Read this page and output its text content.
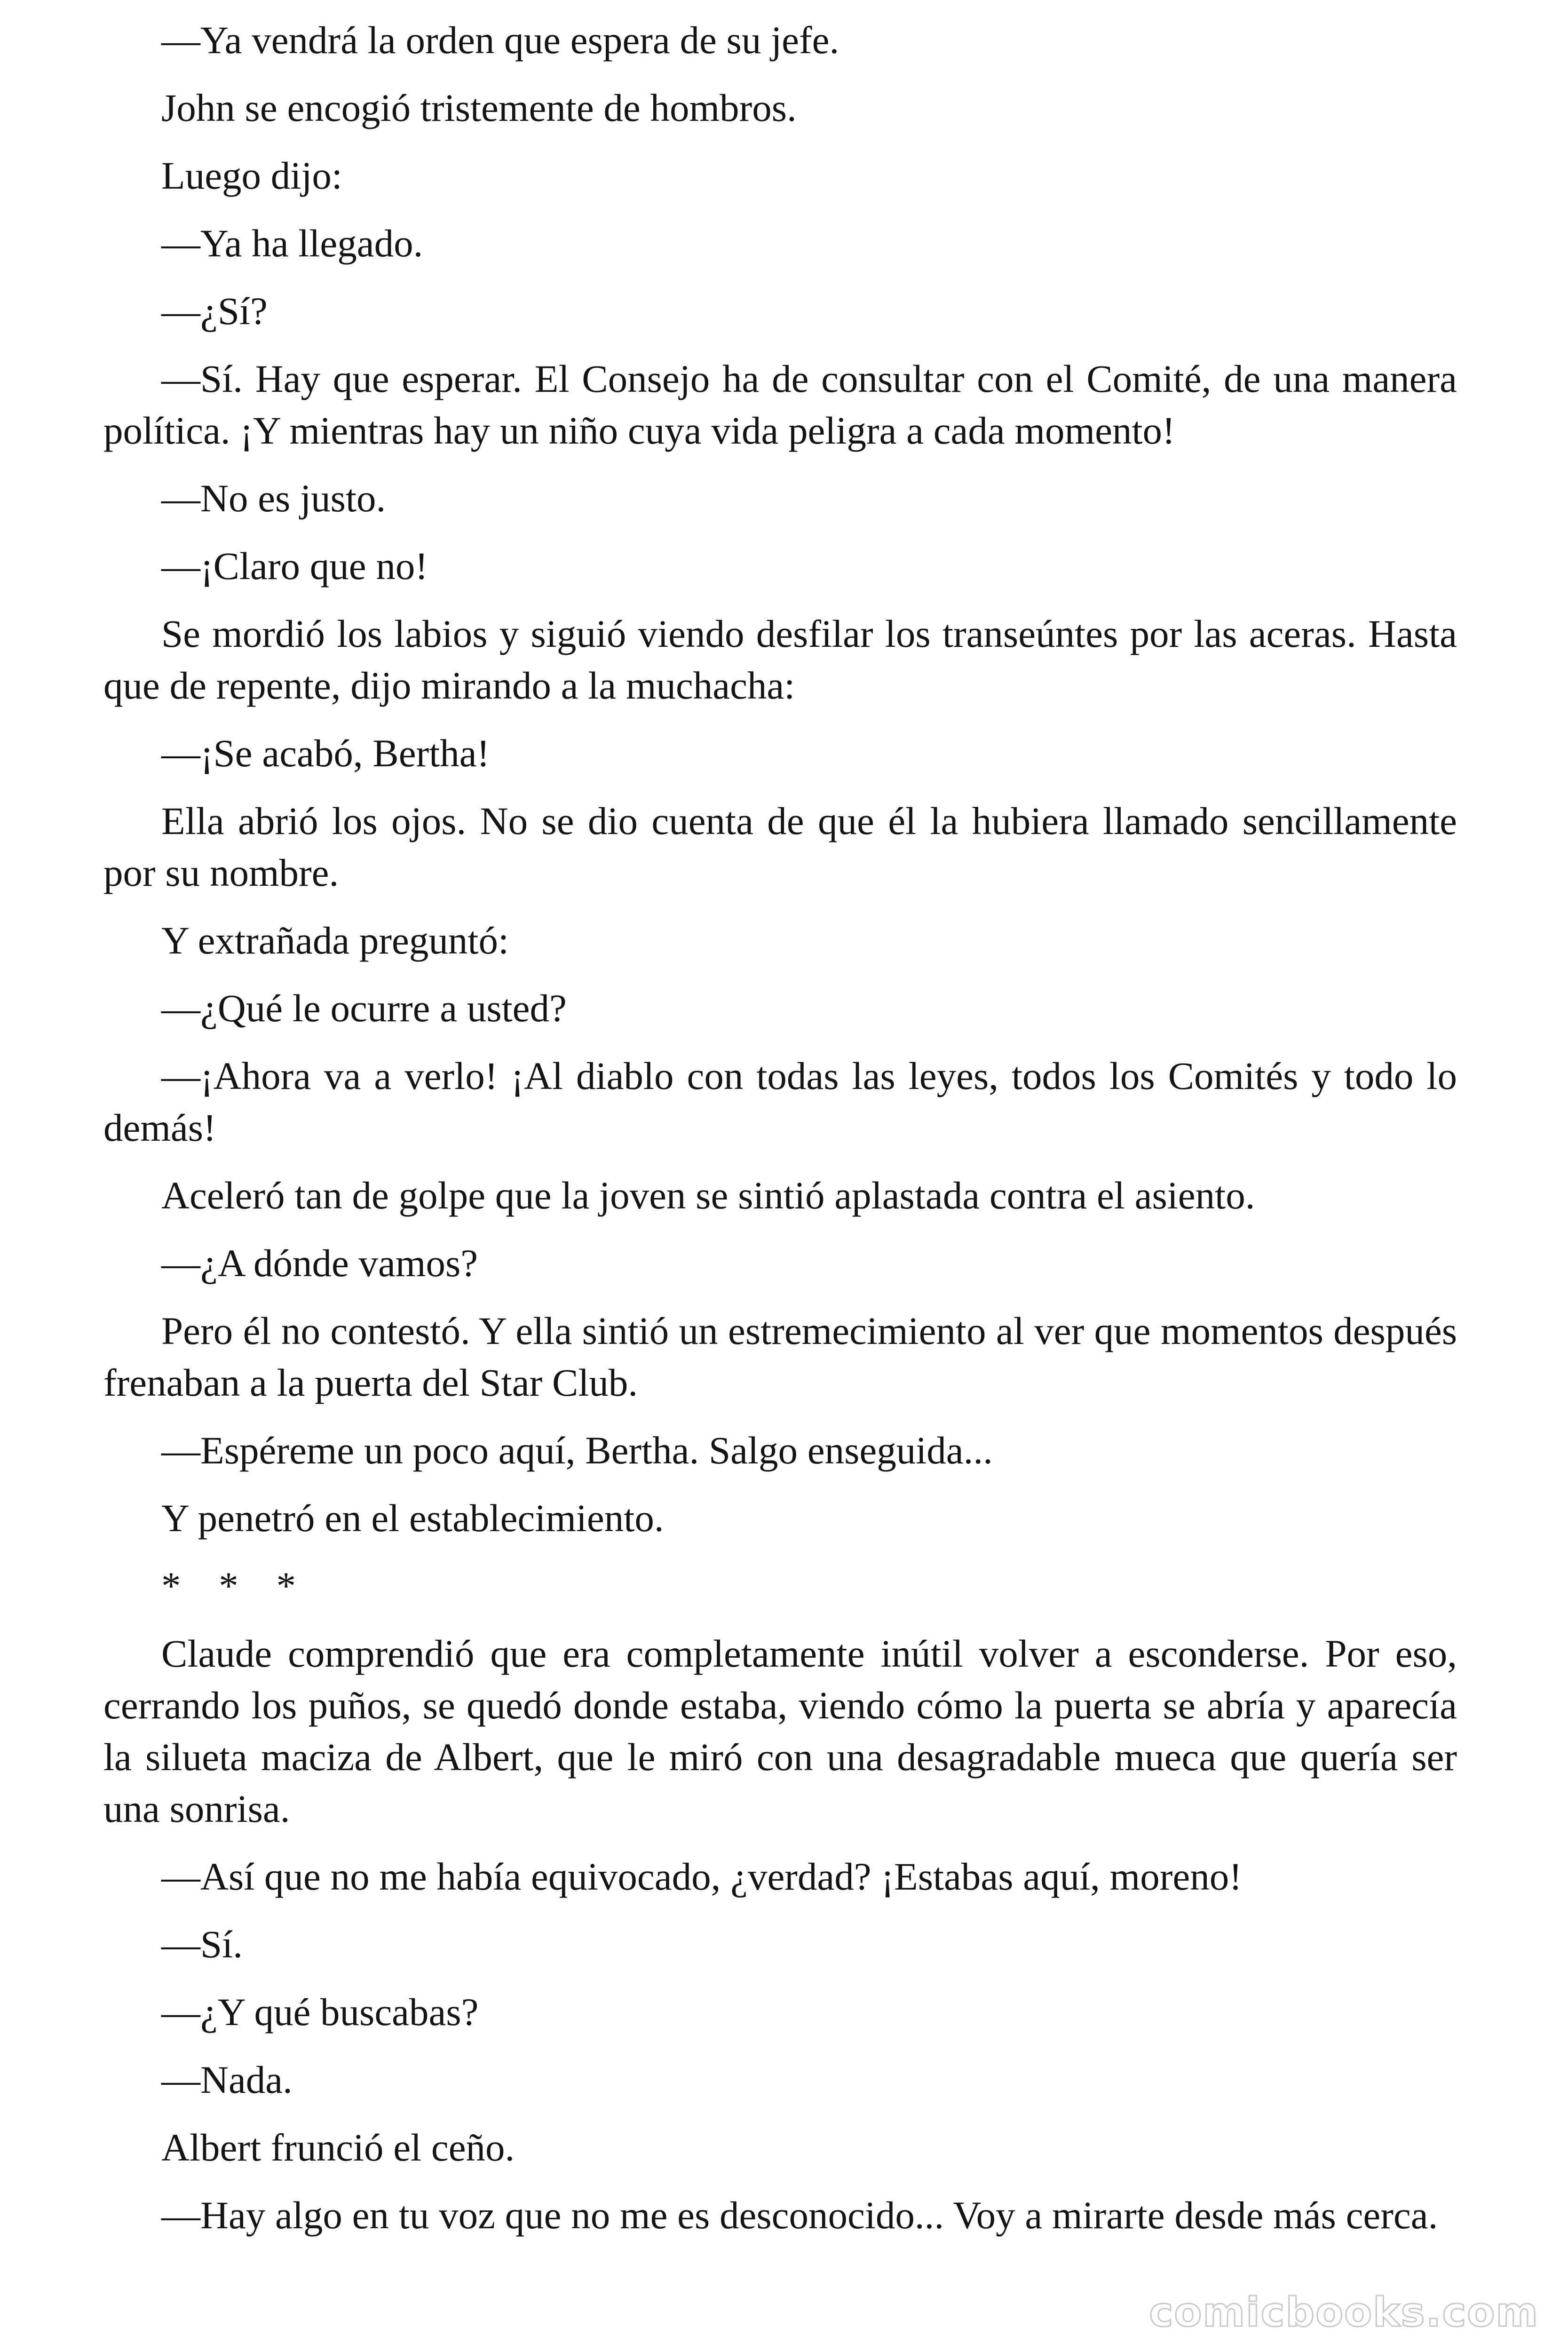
—Ya vendrá la orden que espera de su jefe.

John se encogió tristemente de hombros.

Luego dijo:

—Ya ha llegado.

—¿Sí?

—Sí. Hay que esperar. El Consejo ha de consultar con el Comité, de una manera política. ¡Y mientras hay un niño cuya vida peligra a cada momento!

—No es justo.

—¡Claro que no!

Se mordió los labios y siguió viendo desfilar los transeúntes por las aceras. Hasta que de repente, dijo mirando a la muchacha:

—¡Se acabó, Bertha!

Ella abrió los ojos. No se dio cuenta de que él la hubiera llamado sencillamente por su nombre.

Y extrañada preguntó:

—¿Qué le ocurre a usted?

—¡Ahora va a verlo! ¡Al diablo con todas las leyes, todos los Comités y todo lo demás!

Aceleró tan de golpe que la joven se sintió aplastada contra el asiento.

—¿A dónde vamos?

Pero él no contestó. Y ella sintió un estremecimiento al ver que momentos después frenaban a la puerta del Star Club.

—Espéreme un poco aquí, Bertha. Salgo enseguida...

Y penetró en el establecimiento.

* * *

Claude comprendió que era completamente inútil volver a esconderse. Por eso, cerrando los puños, se quedó donde estaba, viendo cómo la puerta se abría y aparecía la silueta maciza de Albert, que le miró con una desagradable mueca que quería ser una sonrisa.

—Así que no me había equivocado, ¿verdad? ¡Estabas aquí, moreno!

—Sí.

—¿Y qué buscabas?

—Nada.

Albert frunció el ceño.

—Hay algo en tu voz que no me es desconocido... Voy a mirarte desde más cerca.

comicbooks.com
